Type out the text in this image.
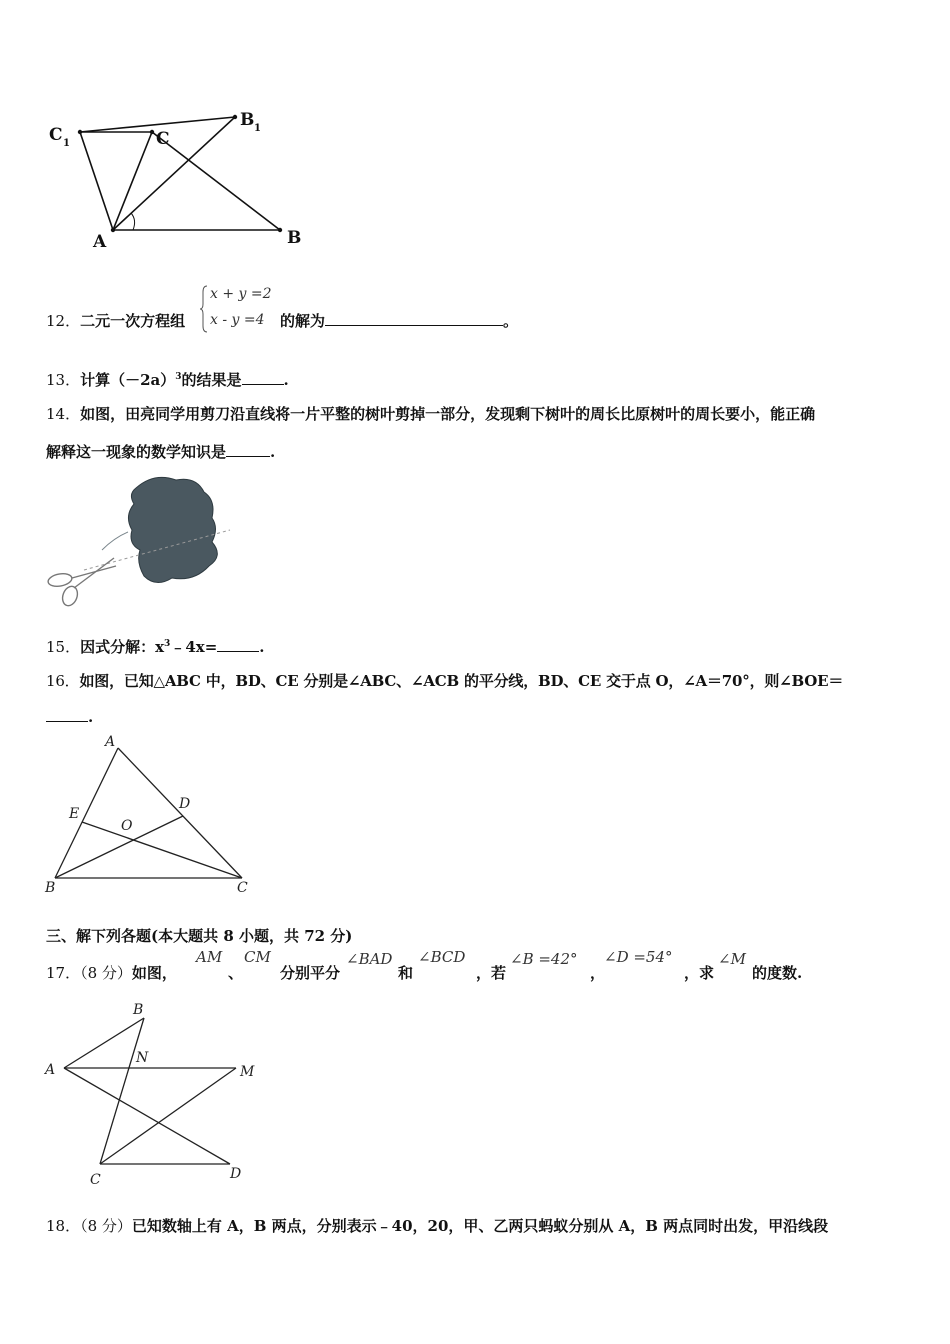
C 1	C
B 1
A	B
12．二元一次方程组
x + y =2
x - y =4 的解为	。
13．计算$(-2a)^3$的结果是	.
14．如图，田亮同学用剪刀沿直线将一片平整的树叶剪掉一部分，发现剩下树叶的周长比原树叶的周长要小，能正确
解释这一现象的数学知识是	.
15．因式分解：$x^3﹣4x=$	.
16．如图，已知△ABC 中，BD、CE 分别是∠ABC、∠ACB 的平分线，BD、CE 交于点 O，∠A＝70°，则∠BOE＝
.
A
B	C
D
E
O
三、解下列各题(本大题共 8 小题，共 72 分)
17．（8 分）如图，
AM
、
CM
分别平分
∠BAD
和
∠BCD
，若
∠B =42°
，
∠D =54°
，求
∠M
的度数.
A
B
C	D
M
N
18．（8 分）已知数轴上有 A，B 两点，分别表示﹣40，20，甲、乙两只蚂蚁分别从 A，B 两点同时出发，甲沿线段
